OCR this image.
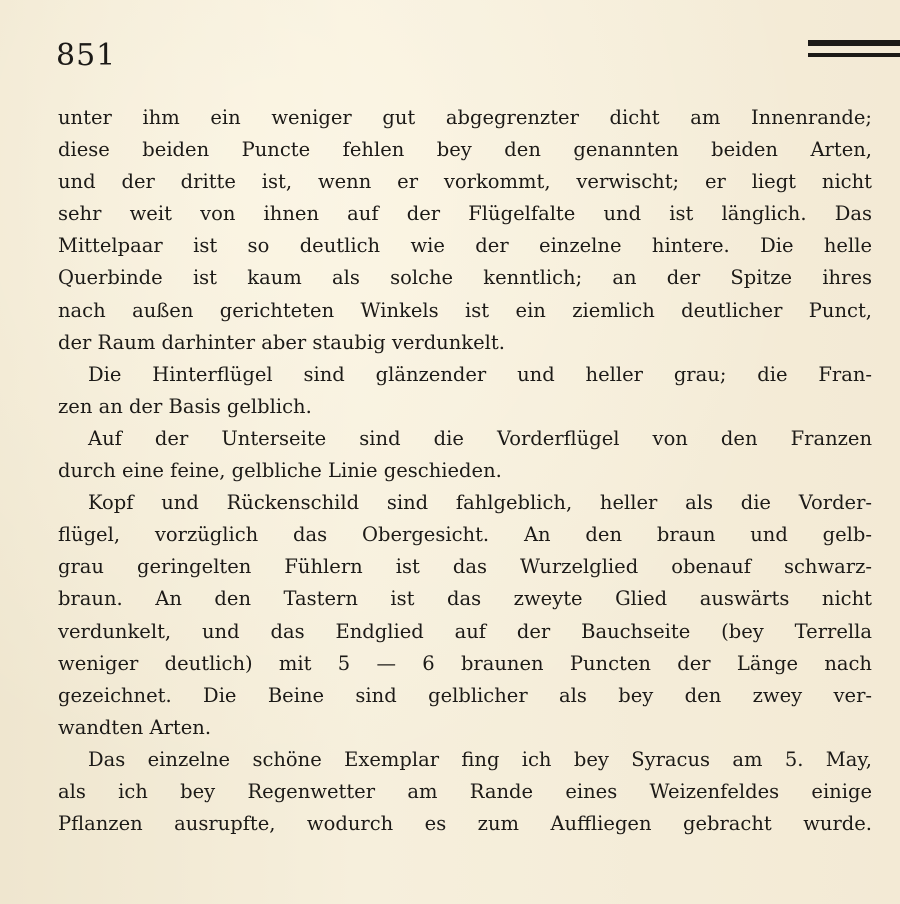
851
unter ihm ein weniger gut abgegrenzter dicht am Innenrande;
diese beiden Puncte fehlen bey den genannten beiden Arten,
und der dritte ist, wenn er vorkommt, verwischt; er liegt nicht
sehr weit von ihnen auf der Flügelfalte und ist länglich. Das
Mittelpaar ist so deutlich wie der einzelne hintere. Die helle
Querbinde ist kaum als solche kenntlich; an der Spitze ihres
nach außen gerichteten Winkels ist ein ziemlich deutlicher Punct,
der Raum darhinter aber staubig verdunkelt.
Die Hinterflügel sind glänzender und heller grau; die Fran-
zen an der Basis gelblich.
Auf der Unterseite sind die Vorderflügel von den Franzen
durch eine feine, gelbliche Linie geschieden.
Kopf und Rückenschild sind fahlgeblich, heller als die Vorder-
flügel, vorzüglich das Obergesicht. An den braun und gelb-
grau geringelten Fühlern ist das Wurzelglied obenauf schwarz-
braun. An den Tastern ist das zweyte Glied auswärts nicht
verdunkelt, und das Endglied auf der Bauchseite (bey Terrella
weniger deutlich) mit 5 — 6 braunen Puncten der Länge nach
gezeichnet. Die Beine sind gelblicher als bey den zwey ver-
wandten Arten.
Das einzelne schöne Exemplar fing ich bey Syracus am 5. May,
als ich bey Regenwetter am Rande eines Weizenfeldes einige
Pflanzen ausrupfte, wodurch es zum Auffliegen gebracht wurde.
